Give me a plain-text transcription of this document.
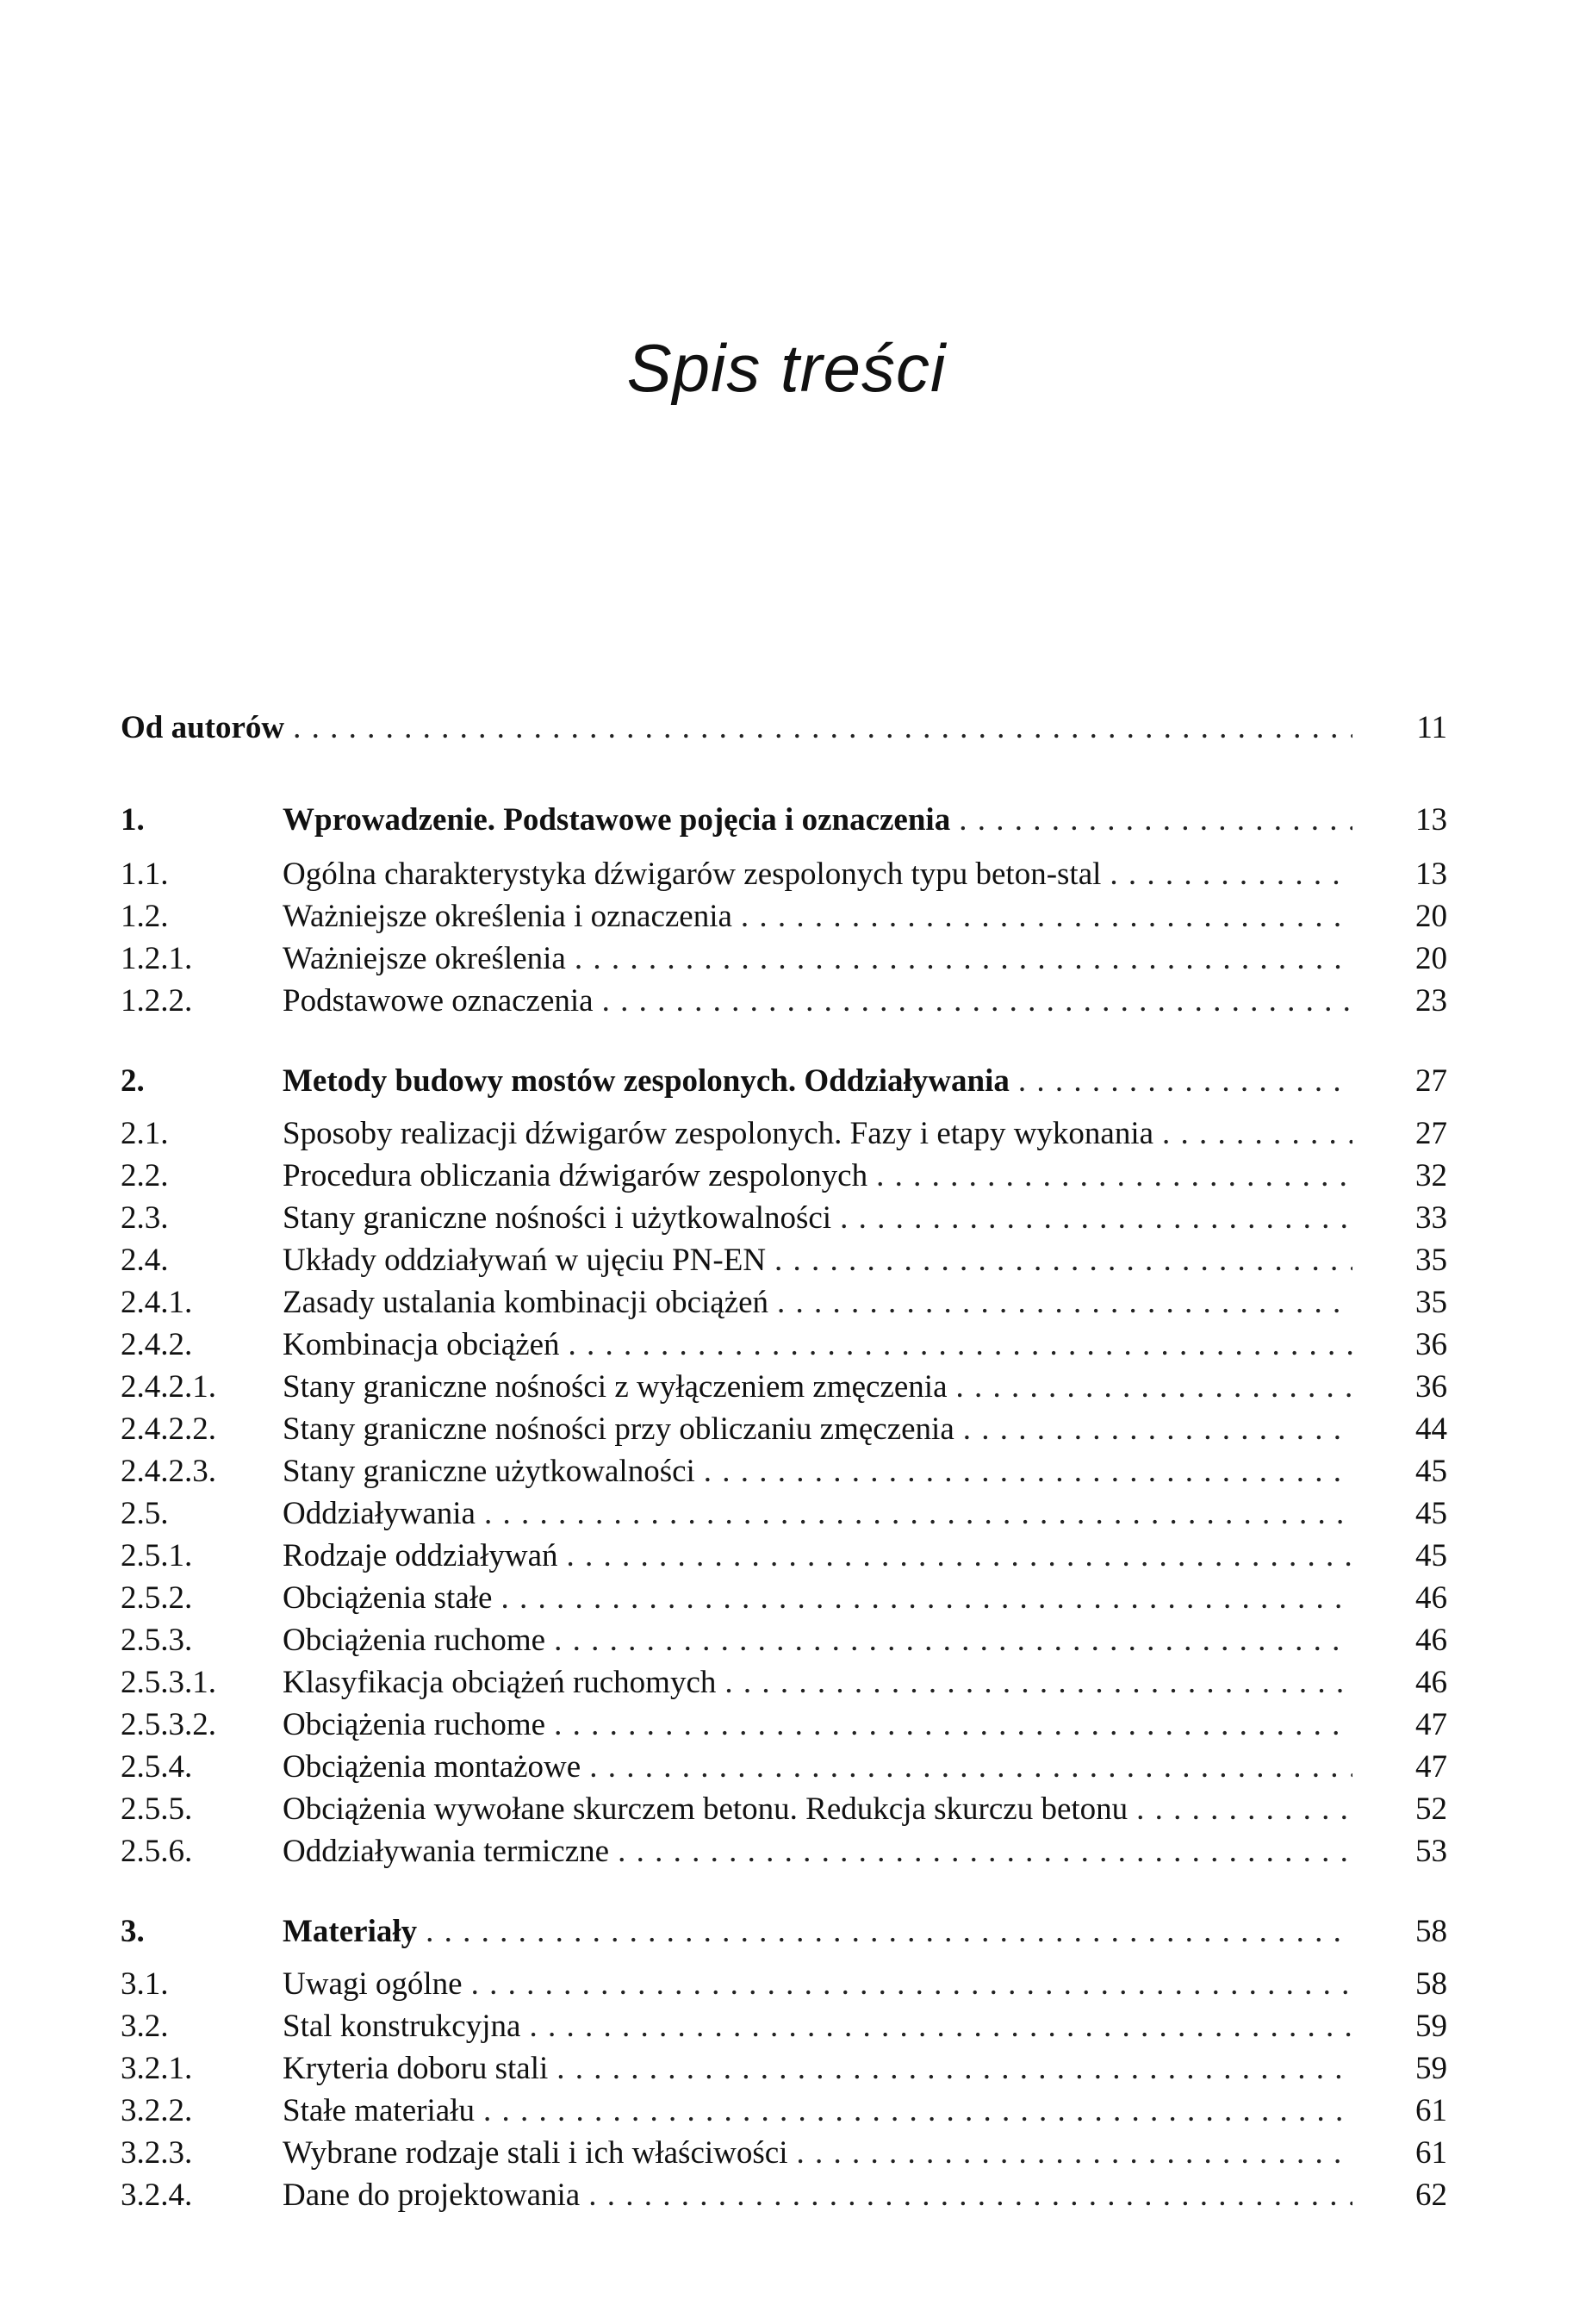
Spis treści
Od autorów . . .	11
1.	Wprowadzenie. Podstawowe pojęcia i oznaczenia . . .	13
1.1.	Ogólna charakterystyka dźwigarów zespolonych typu beton-stal . . .	13
1.2.	Ważniejsze określenia i oznaczenia . . .	20
1.2.1.	Ważniejsze określenia . . .	20
1.2.2.	Podstawowe oznaczenia . . .	23
2.	Metody budowy mostów zespolonych. Oddziaływania . . .	27
2.1.	Sposoby realizacji dźwigarów zespolonych. Fazy i etapy wykonania . . .	27
2.2.	Procedura obliczania dźwigarów zespolonych . . .	32
2.3.	Stany graniczne nośności i użytkowalności . . .	33
2.4.	Układy oddziaływań w ujęciu PN-EN . . .	35
2.4.1.	Zasady ustalania kombinacji obciążeń . . .	35
2.4.2.	Kombinacja obciążeń . . .	36
2.4.2.1.	Stany graniczne nośności z wyłączeniem zmęczenia . . .	36
2.4.2.2.	Stany graniczne nośności przy obliczaniu zmęczenia . . .	44
2.4.2.3.	Stany graniczne użytkowalności . . .	45
2.5.	Oddziaływania . . .	45
2.5.1.	Rodzaje oddziaływań . . .	45
2.5.2.	Obciążenia stałe . . .	46
2.5.3.	Obciążenia ruchome . . .	46
2.5.3.1.	Klasyfikacja obciążeń ruchomych . . .	46
2.5.3.2.	Obciążenia ruchome . . .	47
2.5.4.	Obciążenia montażowe . . .	47
2.5.5.	Obciążenia wywołane skurczem betonu. Redukcja skurczu betonu . . .	52
2.5.6.	Oddziaływania termiczne . . .	53
3.	Materiały . . .	58
3.1.	Uwagi ogólne . . .	58
3.2.	Stal konstrukcyjna . . .	59
3.2.1.	Kryteria doboru stali . . .	59
3.2.2.	Stałe materiału . . .	61
3.2.3.	Wybrane rodzaje stali i ich właściwości . . .	61
3.2.4.	Dane do projektowania . . .	62
